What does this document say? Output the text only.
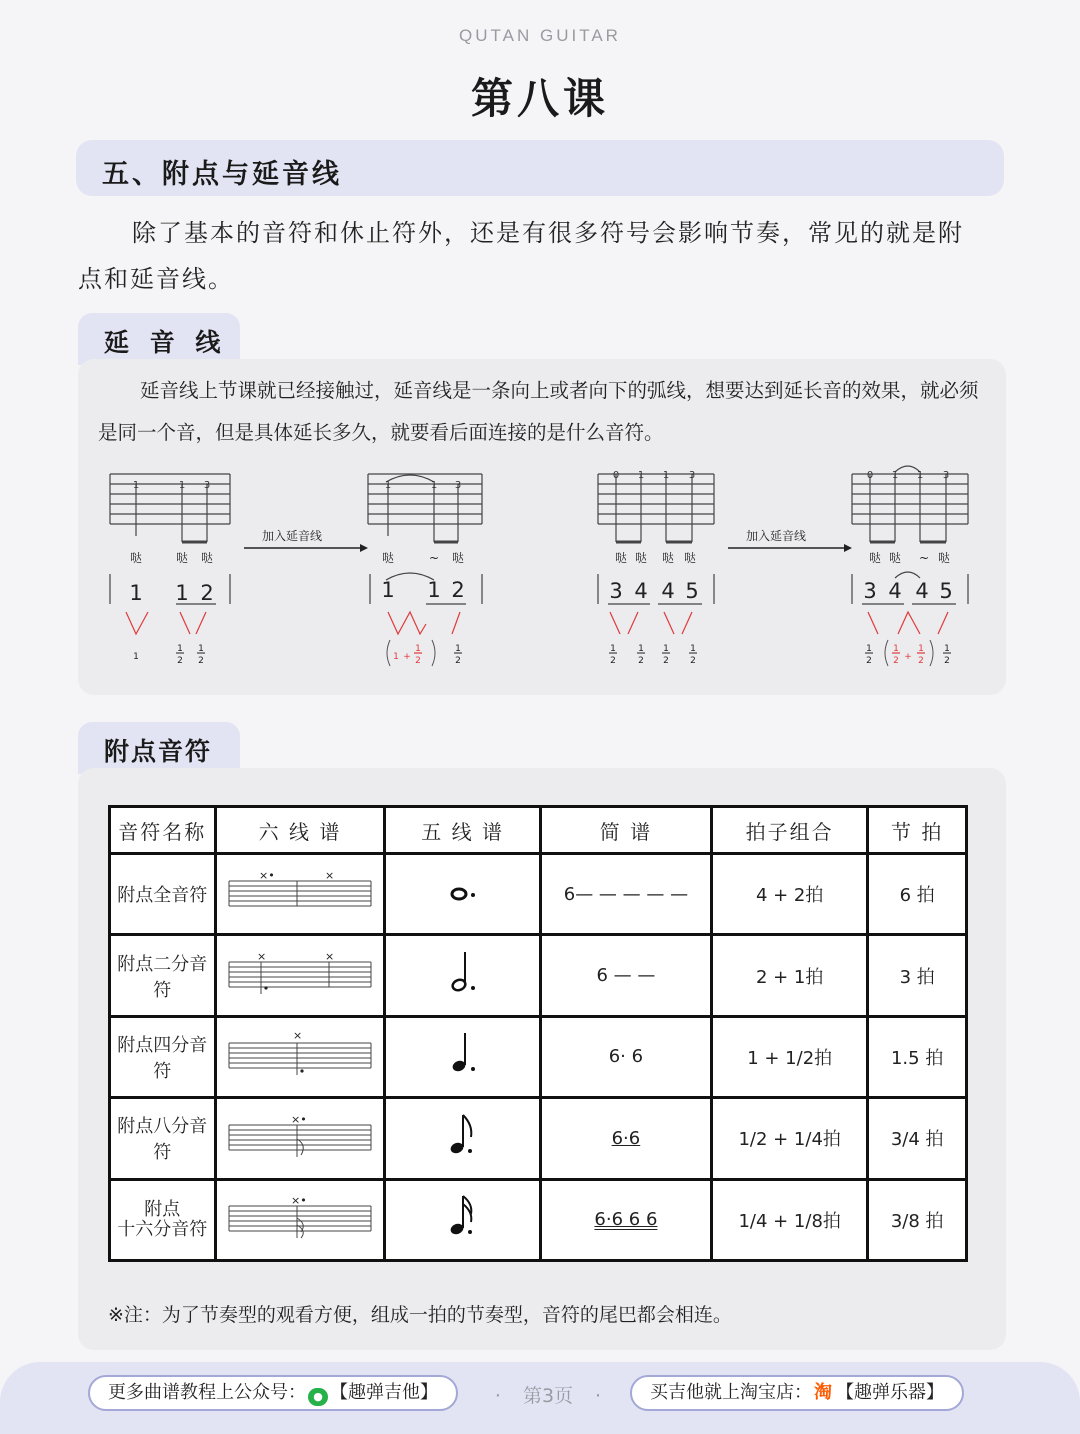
QUTAN GUITAR
第八课
五、附点与延音线
除了基本的音符和休止符外，还是有很多符号会影响节奏，常见的就是附点和延音线。
延 音 线
延音线上节课就已经接触过，延音线是一条向上或者向下的弧线，想要达到延长音的效果，就必须是同一个音，但是具体延长多久，就要看后面连接的是什么音符。
加入延音线	加入延音线
1	1 3	1	1 3
0 1 1 3	0 1 1 3
哒	哒 哒	哒	~ 哒	哒 哒 哒 哒	哒 哒 ~ 哒
1 1 2	1 1 2	3 4 4 5	3 4 4 5
1
1
2
1
2
1
2
1
2
1
2
1
2
1
2
1
2
1
2
1 +
1
2
1
2 +
1
2
附点音符
音符名称	六 线 谱	五 线 谱	简 谱	拍子组合	节 拍
附点全音符	×• ×		6— — — — —	4 + 2拍	6 拍
附点二分音符	× ×		6 — —	2 + 1拍	3 拍
附点四分音符	×		6· 6	1 + 1/2拍	1.5 拍
附点八分音符	×•		6·6	1/2 + 1/4拍	3/4 拍

附点
十六分音符	×•		6·6 6 6	1/4 + 1/8拍	3/8 拍
※注：为了节奏型的观看方便，组成一拍的节奏型，音符的尾巴都会相连。
更多曲谱教程上公众号： ● 【趣弹吉他】	· 第3页 ·	买吉他就上淘宝店： 淘 【趣弹乐器】
